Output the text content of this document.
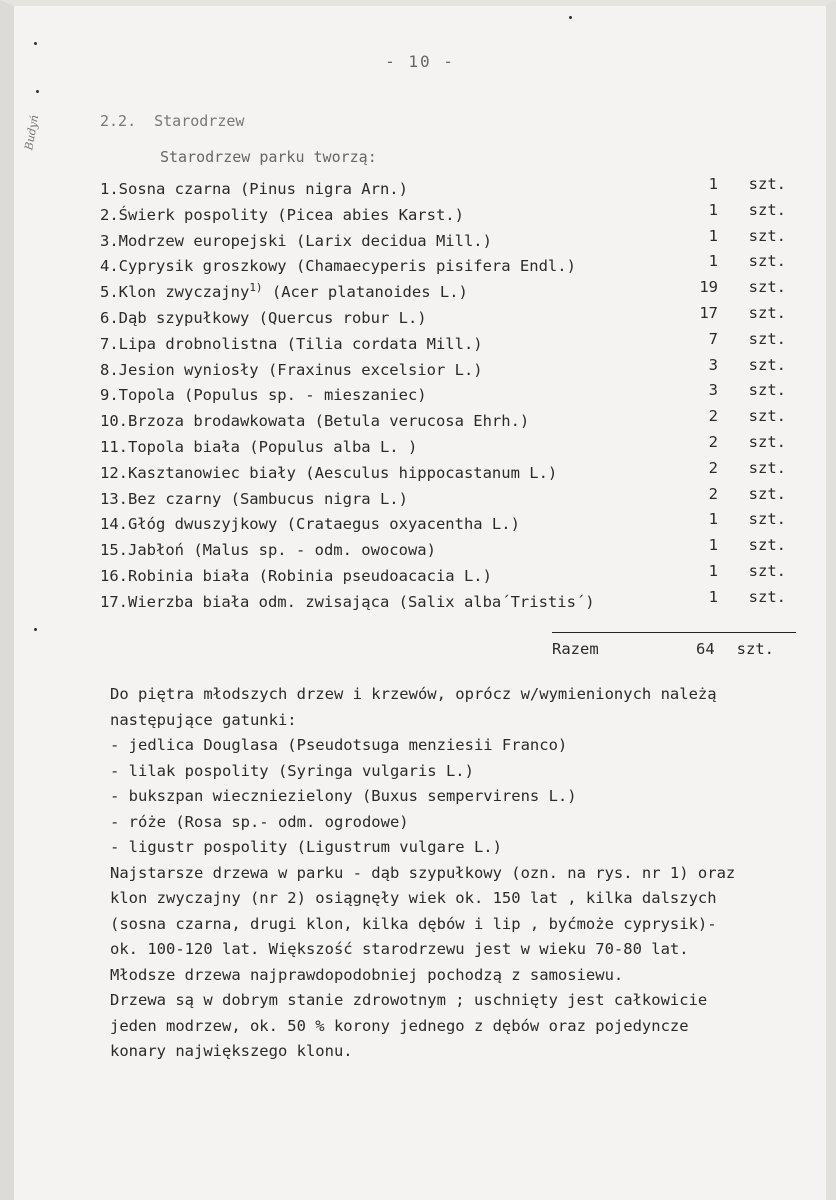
Budyń
- 10 -
2.2. Starodrzew
Starodrzew parku tworzą:
1.Sosna czarna (Pinus nigra Arn.)	1 szt.
2.Świerk pospolity (Picea abies Karst.)	1 szt.
3.Modrzew europejski (Larix decidua Mill.)	1 szt.
4.Cyprysik groszkowy (Chamaecyperis pisifera Endl.)	1 szt.
5.Klon zwyczajny$^{1)}$ (Acer platanoides L.)	19 szt.
6.Dąb szypułkowy (Quercus robur L.)	17 szt.
7.Lipa drobnolistna (Tilia cordata Mill.)	7 szt.
8.Jesion wyniosły (Fraxinus excelsior L.)	3 szt.
9.Topola (Populus sp. - mieszaniec)	3 szt.
10.Brzoza brodawkowata (Betula verucosa Ehrh.)	2 szt.
11.Topola biała (Populus alba L. )	2 szt.
12.Kasztanowiec biały (Aesculus hippocastanum L.)	2 szt.
13.Bez czarny (Sambucus nigra L.)	2 szt.
14.Głóg dwuszyjkowy (Crataegus oxyacentha L.)	1 szt.
15.Jabłoń (Malus sp. - odm. owocowa)	1 szt.
16.Robinia biała (Robinia pseudoacacia L.)	1 szt.
17.Wierzba biała odm. zwisająca (Salix alba´Tristis´)	1 szt.
Razem	64 szt.

Do piętra młodszych drzew i krzewów, oprócz w/wymienionych należą

następujące gatunki:

- jedlica Douglasa (Pseudotsuga menziesii Franco)

- lilak pospolity (Syringa vulgaris L.)

- bukszpan wieczniezielony (Buxus sempervirens L.)

- róże (Rosa sp.- odm. ogrodowe)

- ligustr pospolity (Ligustrum vulgare L.)

Najstarsze drzewa w parku - dąb szypułkowy (ozn. na rys. nr 1) oraz

klon zwyczajny (nr 2) osiągnęły wiek ok. 150 lat , kilka dalszych

(sosna czarna, drugi klon, kilka dębów i lip , byćmoże cyprysik)-

ok. 100-120 lat. Większość starodrzewu jest w wieku 70-80 lat.

Młodsze drzewa najprawdopodobniej pochodzą z samosiewu.

Drzewa są w dobrym stanie zdrowotnym ; uschnięty jest całkowicie

jeden modrzew, ok. 50 % korony jednego z dębów oraz pojedyncze

konary największego klonu.
